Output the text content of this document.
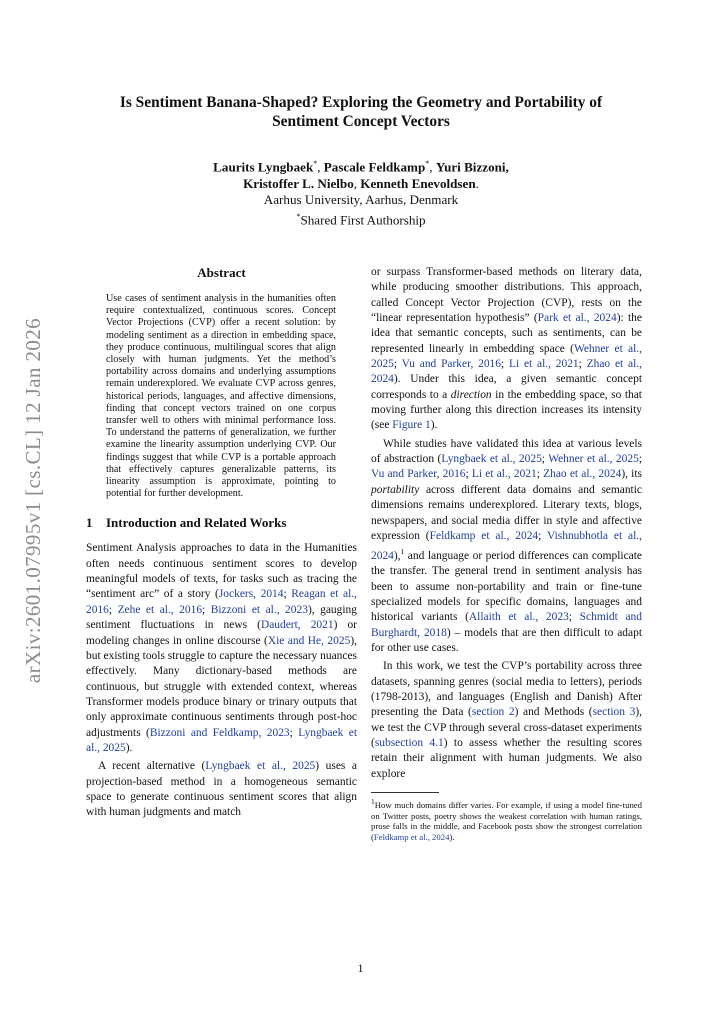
arXiv:2601.07995v1 [cs.CL] 12 Jan 2026
Is Sentiment Banana-Shaped? Exploring the Geometry and Portability of Sentiment Concept Vectors
Laurits Lyngbaek*, Pascale Feldkamp*, Yuri Bizzoni,
Kristoffer L. Nielbo, Kenneth Enevoldsen.
Aarhus University, Aarhus, Denmark
*Shared First Authorship
Abstract
Use cases of sentiment analysis in the humanities often require contextualized, continuous scores. Concept Vector Projections (CVP) offer a recent solution: by modeling sentiment as a direction in embedding space, they produce continuous, multilingual scores that align closely with human judgments. Yet the method’s portability across domains and underlying assumptions remain underexplored. We evaluate CVP across genres, historical periods, languages, and affective dimensions, finding that concept vectors trained on one corpus transfer well to others with minimal performance loss. To understand the patterns of generalization, we further examine the linearity assumption underlying CVP. Our findings suggest that while CVP is a portable approach that effectively captures generalizable patterns, its linearity assumption is approximate, pointing to potential for further development.
1 Introduction and Related Works

Sentiment Analysis approaches to data in the Humanities often needs continuous sentiment scores to develop meaningful models of texts, for tasks such as tracing the “sentiment arc” of a story (Jockers, 2014; Reagan et al., 2016; Zehe et al., 2016; Bizzoni et al., 2023), gauging sentiment fluctuations in news (Daudert, 2021) or modeling changes in online discourse (Xie and He, 2025), but existing tools struggle to capture the necessary nuances effectively. Many dictionary-based methods are continuous, but struggle with extended context, whereas Transformer models produce binary or trinary outputs that only approximate continuous sentiments through post-hoc adjustments (Bizzoni and Feldkamp, 2023; Lyngbaek et al., 2025).

A recent alternative (Lyngbaek et al., 2025) uses a projection-based method in a homogeneous semantic space to generate continuous sentiment scores that align with human judgments and match

or surpass Transformer-based methods on literary data, while producing smoother distributions. This approach, called Concept Vector Projection (CVP), rests on the “linear representation hypothesis” (Park et al., 2024): the idea that semantic concepts, such as sentiments, can be represented linearly in embedding space (Wehner et al., 2025; Vu and Parker, 2016; Li et al., 2021; Zhao et al., 2024). Under this idea, a given semantic concept corresponds to a direction in the embedding space, so that moving further along this direction increases its intensity (see Figure 1).

While studies have validated this idea at various levels of abstraction (Lyngbaek et al., 2025; Wehner et al., 2025; Vu and Parker, 2016; Li et al., 2021; Zhao et al., 2024), its portability across different data domains and semantic dimensions remains underexplored. Literary texts, blogs, newspapers, and social media differ in style and affective expression (Feldkamp et al., 2024; Vishnubhotla et al., 2024),$^1$ and language or period differences can complicate the transfer. The general trend in sentiment analysis has been to assume non-portability and train or fine-tune specialized models for specific domains, languages and historical variants (Allaith et al., 2023; Schmidt and Burghardt, 2018) – models that are then difficult to adapt for other use cases.

In this work, we test the CVP’s portability across three datasets, spanning genres (social media to letters), periods (1798-2013), and languages (English and Danish) After presenting the Data (section 2) and Methods (section 3), we test the CVP through several cross-dataset experiments (subsection 4.1) to assess whether the resulting scores retain their alignment with human judgments. We also explore

$^1$How much domains differ varies. For example, if using a model fine-tuned on Twitter posts, poetry shows the weakest correlation with human ratings, prose falls in the middle, and Facebook posts show the strongest correlation (Feldkamp et al., 2024).

1
